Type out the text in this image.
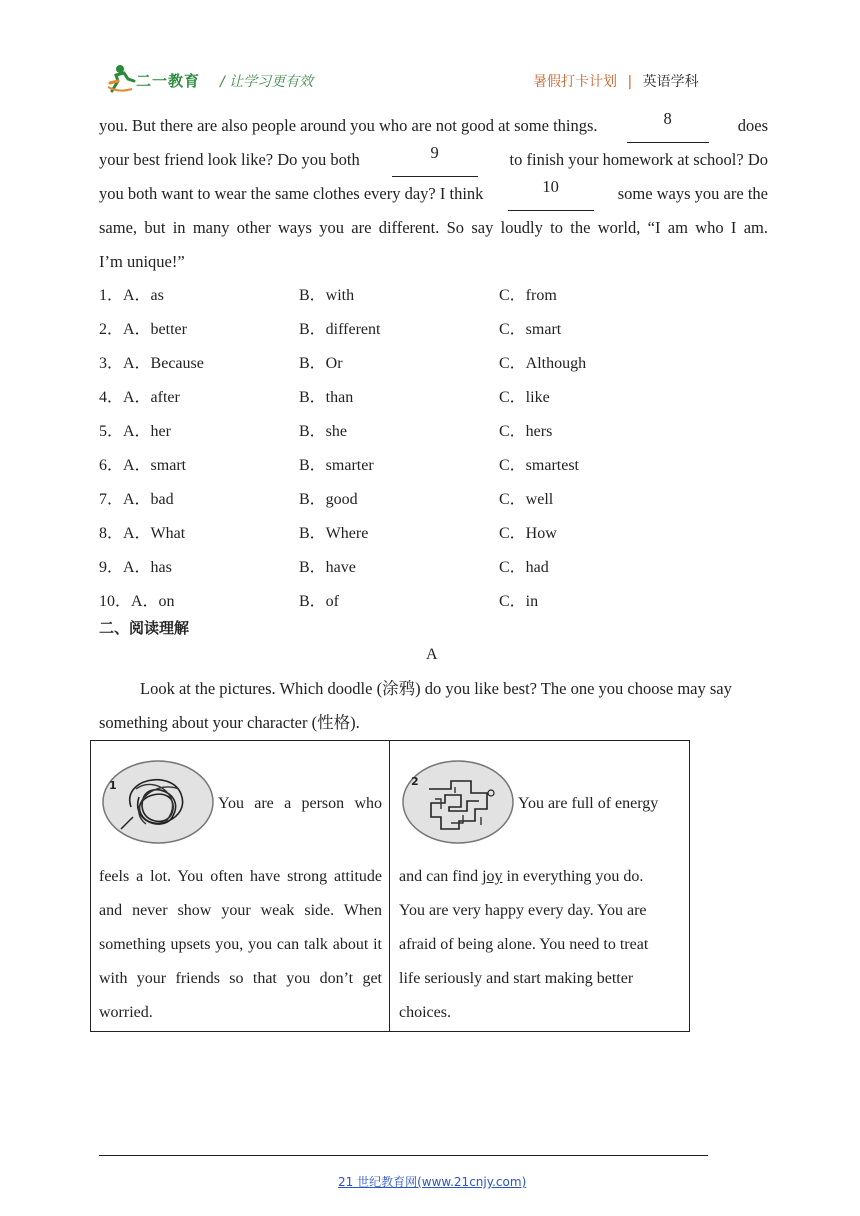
二一教育 / 让学习更有效	暑假打卡计划 | 英语学科
you. But there are also people around you who are not good at some things.	8	does
your best friend look like? Do you both	9	to finish your homework at school? Do
you both want to wear the same clothes every day? I think	10	some ways you are the
same, but in many other ways you are different. So say loudly to the world, “I am who I am.
I’m unique!”
1．A．as	B．with	C．from
2．A．better	B．different	C．smart
3．A．Because	B．Or	C．Although
4．A．after	B．than	C．like
5．A．her	B．she	C．hers
6．A．smart	B．smarter	C．smartest
7．A．bad	B．good	C．well
8．A．What	B．Where	C．How
9．A．has	B．have	C．had
10．A．on	B．of	C．in
二、阅读理解
A
Look at the pictures. Which doodle (涂鸦) do you like best? The one you choose may say
something about your character (性格).
1
You are a person who
feels a lot. You often have strong attitude and never show your weak side. When something upsets you, you can talk about it with your friends so that you don’t get worried.
2
You are full of energy
and can find joy in everything you do.
You are very happy every day. You are
afraid of being alone. You need to treat
life seriously and start making better
choices.
21 世纪教育网(www.21cnjy.com)
